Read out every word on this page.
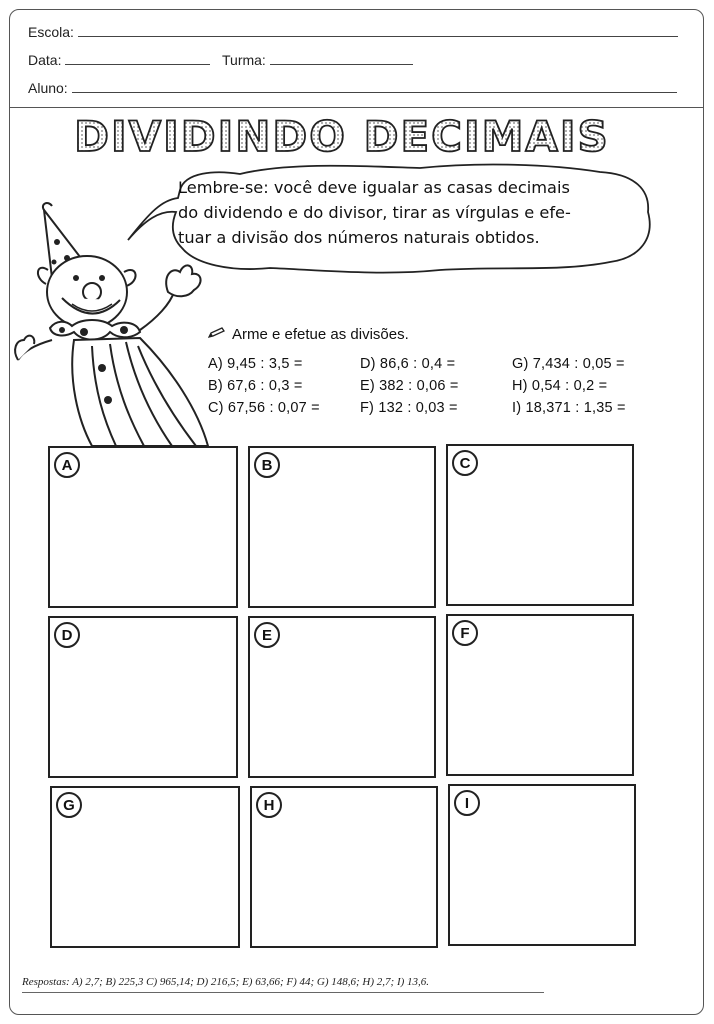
Escola:
Data:	Turma:
Aluno:
DIVIDINDO DECIMAIS
Lembre-se: você deve igualar as casas decimais
do dividendo e do divisor, tirar as vírgulas e efe-
tuar a divisão dos números naturais obtidos.
Arme e efetue as divisões.
A) 9,45 : 3,5 =
B) 67,6 : 0,3 =
C) 67,56 : 0,07 =
D) 86,6 : 0,4 =
E) 382 : 0,06 =
F) 132 : 0,03 =
G) 7,434 : 0,05 =
H) 0,54 : 0,2 =
I) 18,371 : 1,35 =
A	B	C
D	E	F
G	H	I
Respostas: A) 2,7; B) 225,3 C) 965,14; D) 216,5; E) 63,66; F) 44; G) 148,6; H) 2,7; I) 13,6.
